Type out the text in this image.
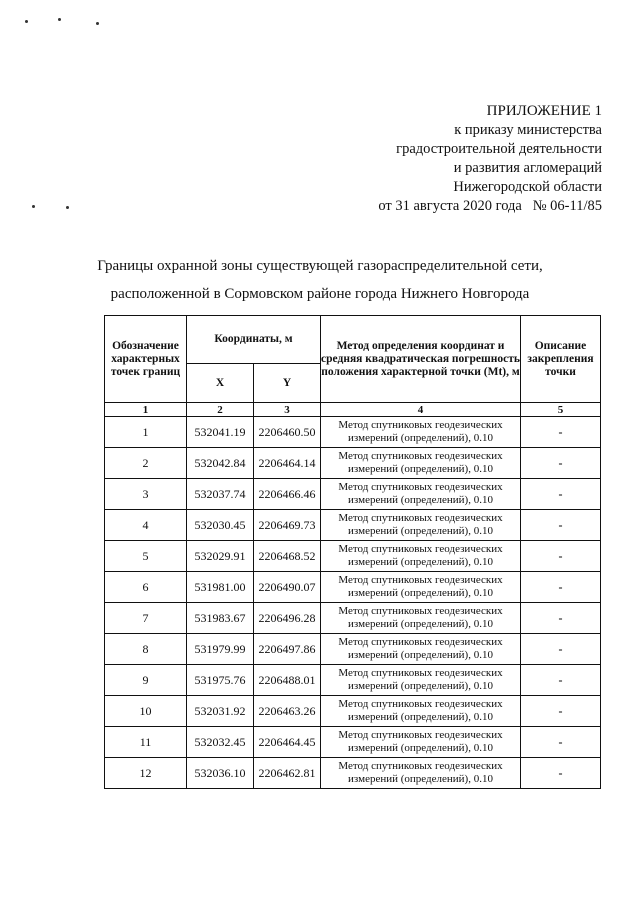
ПРИЛОЖЕНИЕ 1
к приказу министерства
градостроительной деятельности
и развития агломераций
Нижегородской области
от 31 августа 2020 года   № 06-11/85
Границы охранной зоны существующей газораспределительной сети,
расположенной в Сормовском районе города Нижнего Новгорода
Обозначение характерных точек границ	Координаты, м		Метод определения координат и средняя квадратическая погрешность положения характерной точки (Mt), м	Описание закрепления точки
	X	Y		
1	2	3	4	5
1	532041.19	2206460.50	Метод спутниковых геодезических измерений (определений), 0.10	-
2	532042.84	2206464.14	Метод спутниковых геодезических измерений (определений), 0.10	-
3	532037.74	2206466.46	Метод спутниковых геодезических измерений (определений), 0.10	-
4	532030.45	2206469.73	Метод спутниковых геодезических измерений (определений), 0.10	-
5	532029.91	2206468.52	Метод спутниковых геодезических измерений (определений), 0.10	-
6	531981.00	2206490.07	Метод спутниковых геодезических измерений (определений), 0.10	-
7	531983.67	2206496.28	Метод спутниковых геодезических измерений (определений), 0.10	-
8	531979.99	2206497.86	Метод спутниковых геодезических измерений (определений), 0.10	-
9	531975.76	2206488.01	Метод спутниковых геодезических измерений (определений), 0.10	-
10	532031.92	2206463.26	Метод спутниковых геодезических измерений (определений), 0.10	-
11	532032.45	2206464.45	Метод спутниковых геодезических измерений (определений), 0.10	-
12	532036.10	2206462.81	Метод спутниковых геодезических измерений (определений), 0.10	-
